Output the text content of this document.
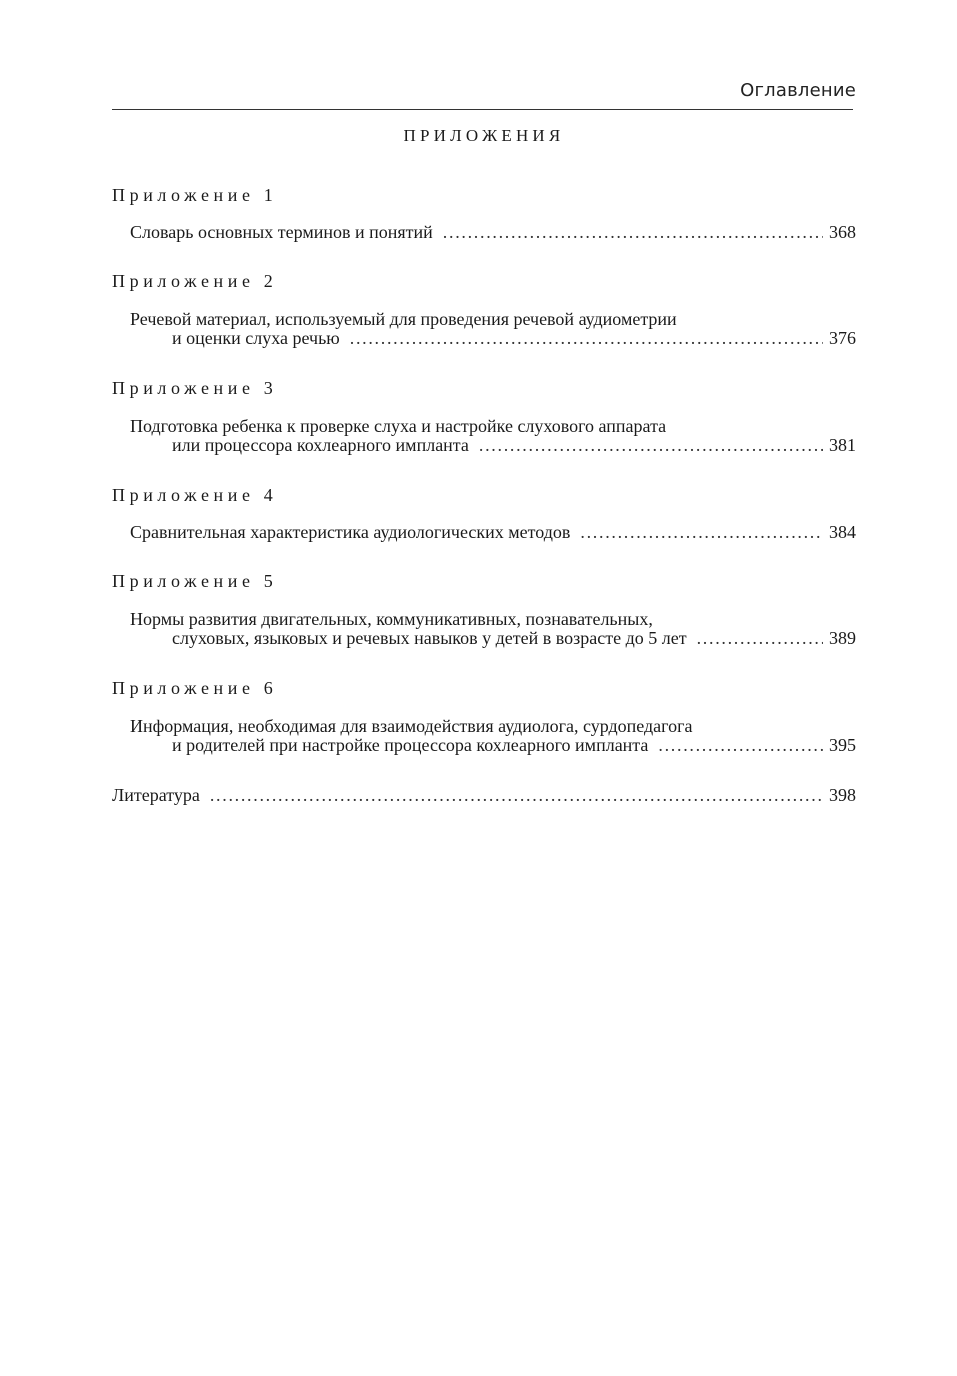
Оглавление
ПРИЛОЖЕНИЯ
Приложение 1
Словарь основных терминов и понятий . . .	368
Приложение 2
Речевой материал, используемый для проведения речевой аудиометрии
и оценки слуха речью . . .	376
Приложение 3
Подготовка ребенка к проверке слуха и настройке слухового аппарата
или процессора кохлеарного импланта . . .	381
Приложение 4
Сравнительная характеристика аудиологических методов . . .	384
Приложение 5
Нормы развития двигательных, коммуникативных, познавательных,
слуховых, языковых и речевых навыков у детей в возрасте до 5 лет . . .	389
Приложение 6
Информация, необходимая для взаимодействия аудиолога, сурдопедагога
и родителей при настройке процессора кохлеарного импланта . . .	395
Литература . . .	398
